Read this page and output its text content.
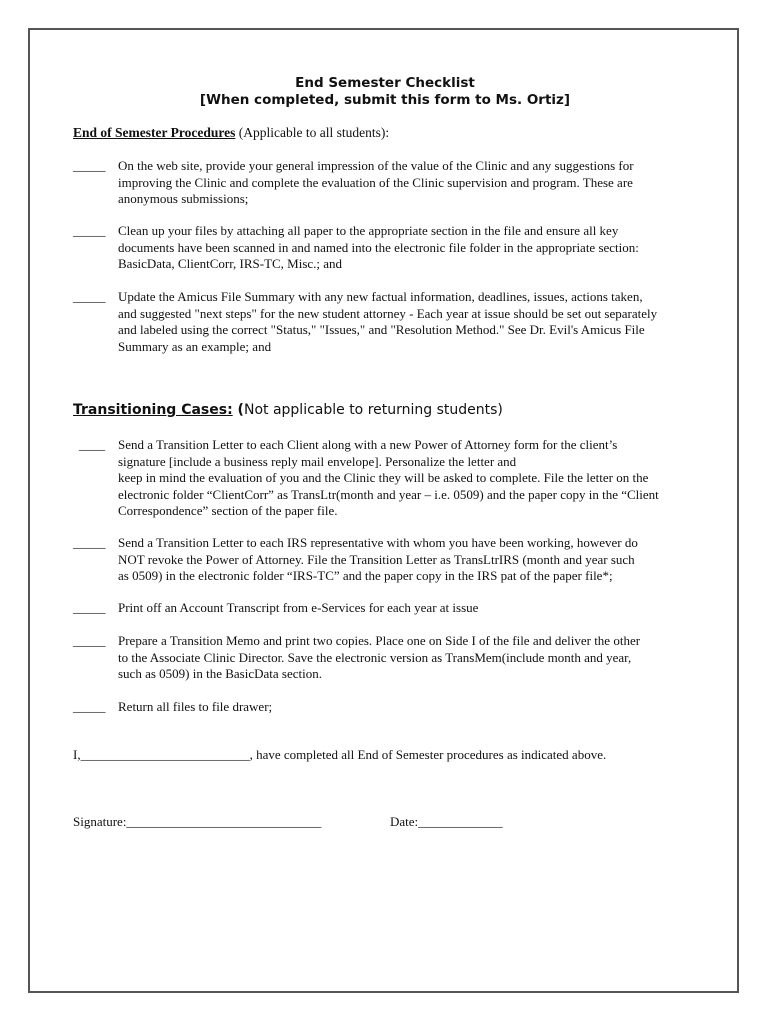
End Semester Checklist
[When completed, submit this form to Ms. Ortiz]
End of Semester Procedures (Applicable to all students):
_____ On the web site, provide your general impression of the value of the Clinic and any suggestions for
improving the Clinic and complete the evaluation of the Clinic supervision and program. These are
anonymous submissions;
_____ Clean up your files by attaching all paper to the appropriate section in the file and ensure all key
documents have been scanned in and named into the electronic file folder in the appropriate section:
BasicData, ClientCorr, IRS-TC, Misc.; and
_____ Update the Amicus File Summary with any new factual information, deadlines, issues, actions taken,
and suggested "next steps" for the new student attorney - Each year at issue should be set out separately
and labeled using the correct "Status," "Issues," and "Resolution Method." See Dr. Evil's Amicus File
Summary as an example; and
Transitioning Cases: (Not applicable to returning students)
____	Send a Transition Letter to each Client along with a new Power of Attorney form for the client’s
signature [include a business reply mail envelope]. Personalize the letter and
keep in mind the evaluation of you and the Clinic they will be asked to complete. File the letter on the
electronic folder “ClientCorr” as TransLtr(month and year – i.e. 0509) and the paper copy in the “Client
Correspondence” section of the paper file.
_____ Send a Transition Letter to each IRS representative with whom you have been working, however do
NOT revoke the Power of Attorney. File the Transition Letter as TransLtrIRS (month and year such
as 0509) in the electronic folder “IRS-TC” and the paper copy in the IRS pat of the paper file*;
_____ Print off an Account Transcript from e-Services for each year at issue
_____ Prepare a Transition Memo and print two copies. Place one on Side I of the file and deliver the other
to the Associate Clinic Director. Save the electronic version as TransMem(include month and year,
such as 0509) in the BasicData section.
_____ Return all files to file drawer;
I,__________________________, have completed all End of Semester procedures as indicated above.
Signature:______________________________	Date:_____________
